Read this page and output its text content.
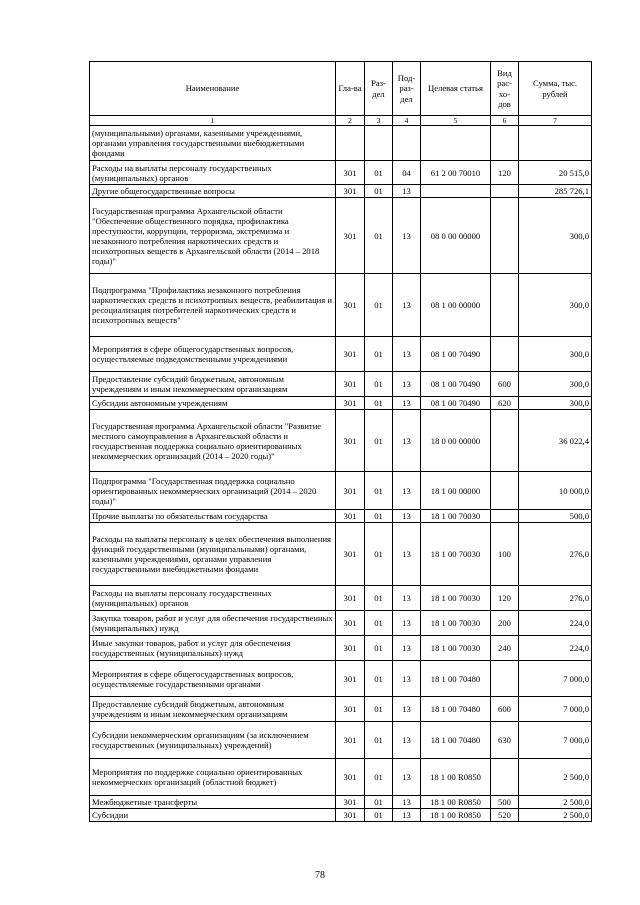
Наименование	Гла-ва	Раз-дел	Под-раз-дел	Целевая статья	Вид рас-хо-дов	Сумма, тыс. рублей
1	2	3	4	5	6	7
(муниципальными) органами, казенными учреждениями, органами управления государственными внебюджетными фондами						
Расходы на выплаты персоналу государственных (муниципальных) органов	301	01	04	61 2 00 70010	120	20 515,0
Другие общегосударственные вопросы	301	01	13			285 726,1
Государственная программа Архангельской области "Обеспечение общественного порядка, профилактика преступности, коррупции, терроризма, экстремизма и незаконного потребления наркотических средств и психотропных веществ в Архангельской области (2014 – 2018 годы)"	301	01	13	08 0 00 00000		300,0
Подпрограмма "Профилактика незаконного потребления наркотических средств и психотропных веществ, реабилитация и ресоциализация потребителей наркотических средств и психотропных веществ"	301	01	13	08 1 00 00000		300,0
Мероприятия в сфере общегосударственных вопросов, осуществляемые подведомственными учреждениями	301	01	13	08 1 00 70490		300,0
Предоставление субсидий бюджетным, автономным учреждениям и иным некоммерческим организациям	301	01	13	08 1 00 70490	600	300,0
Субсидии автономным учреждениям	301	01	13	08 1 00 70490	620	300,0
Государственная программа Архангельской области "Развитие местного самоуправления в Архангельской области и государственная поддержка социально ориентированных некоммерческих организаций (2014 – 2020 годы)"	301	01	13	18 0 00 00000		36 022,4
Подпрограмма "Государственная поддержка социально ориентированных некоммерческих организаций (2014 – 2020 годы)"	301	01	13	18 1 00 00000		10 000,0
Прочие выплаты по обязательствам государства	301	01	13	18 1 00 70030		500,0
Расходы на выплаты персоналу в целях обеспечения выполнения функций государственными (муниципальными) органами, казенными учреждениями, органами управления государственными внебюджетными фондами	301	01	13	18 1 00 70030	100	276,0
Расходы на выплаты персоналу государственных (муниципальных) органов	301	01	13	18 1 00 70030	120	276,0
Закупка товаров, работ и услуг для обеспечения государственных (муниципальных) нужд	301	01	13	18 1 00 70030	200	224,0
Иные закупки товаров, работ и услуг для обеспечения государственных (муниципальных) нужд	301	01	13	18 1 00 70030	240	224,0
Мероприятия в сфере общегосударственных вопросов, осуществляемые государственными органами	301	01	13	18 1 00 70480		7 000,0
Предоставление субсидий бюджетным, автономным учреждениям и иным некоммерческим организациям	301	01	13	18 1 00 70480	600	7 000,0
Субсидии некоммерческим организациям (за исключением государственных (муниципальных) учреждений)	301	01	13	18 1 00 70480	630	7 000,0
Мероприятия по поддержке социально ориентированных некоммерческих организаций (областной бюджет)	301	01	13	18 1 00 R0850		2 500,0
Межбюджетные трансферты	301	01	13	18 1 00 R0850	500	2 500,0
Субсидии	301	01	13	18 1 00 R0850	520	2 500,0
78
